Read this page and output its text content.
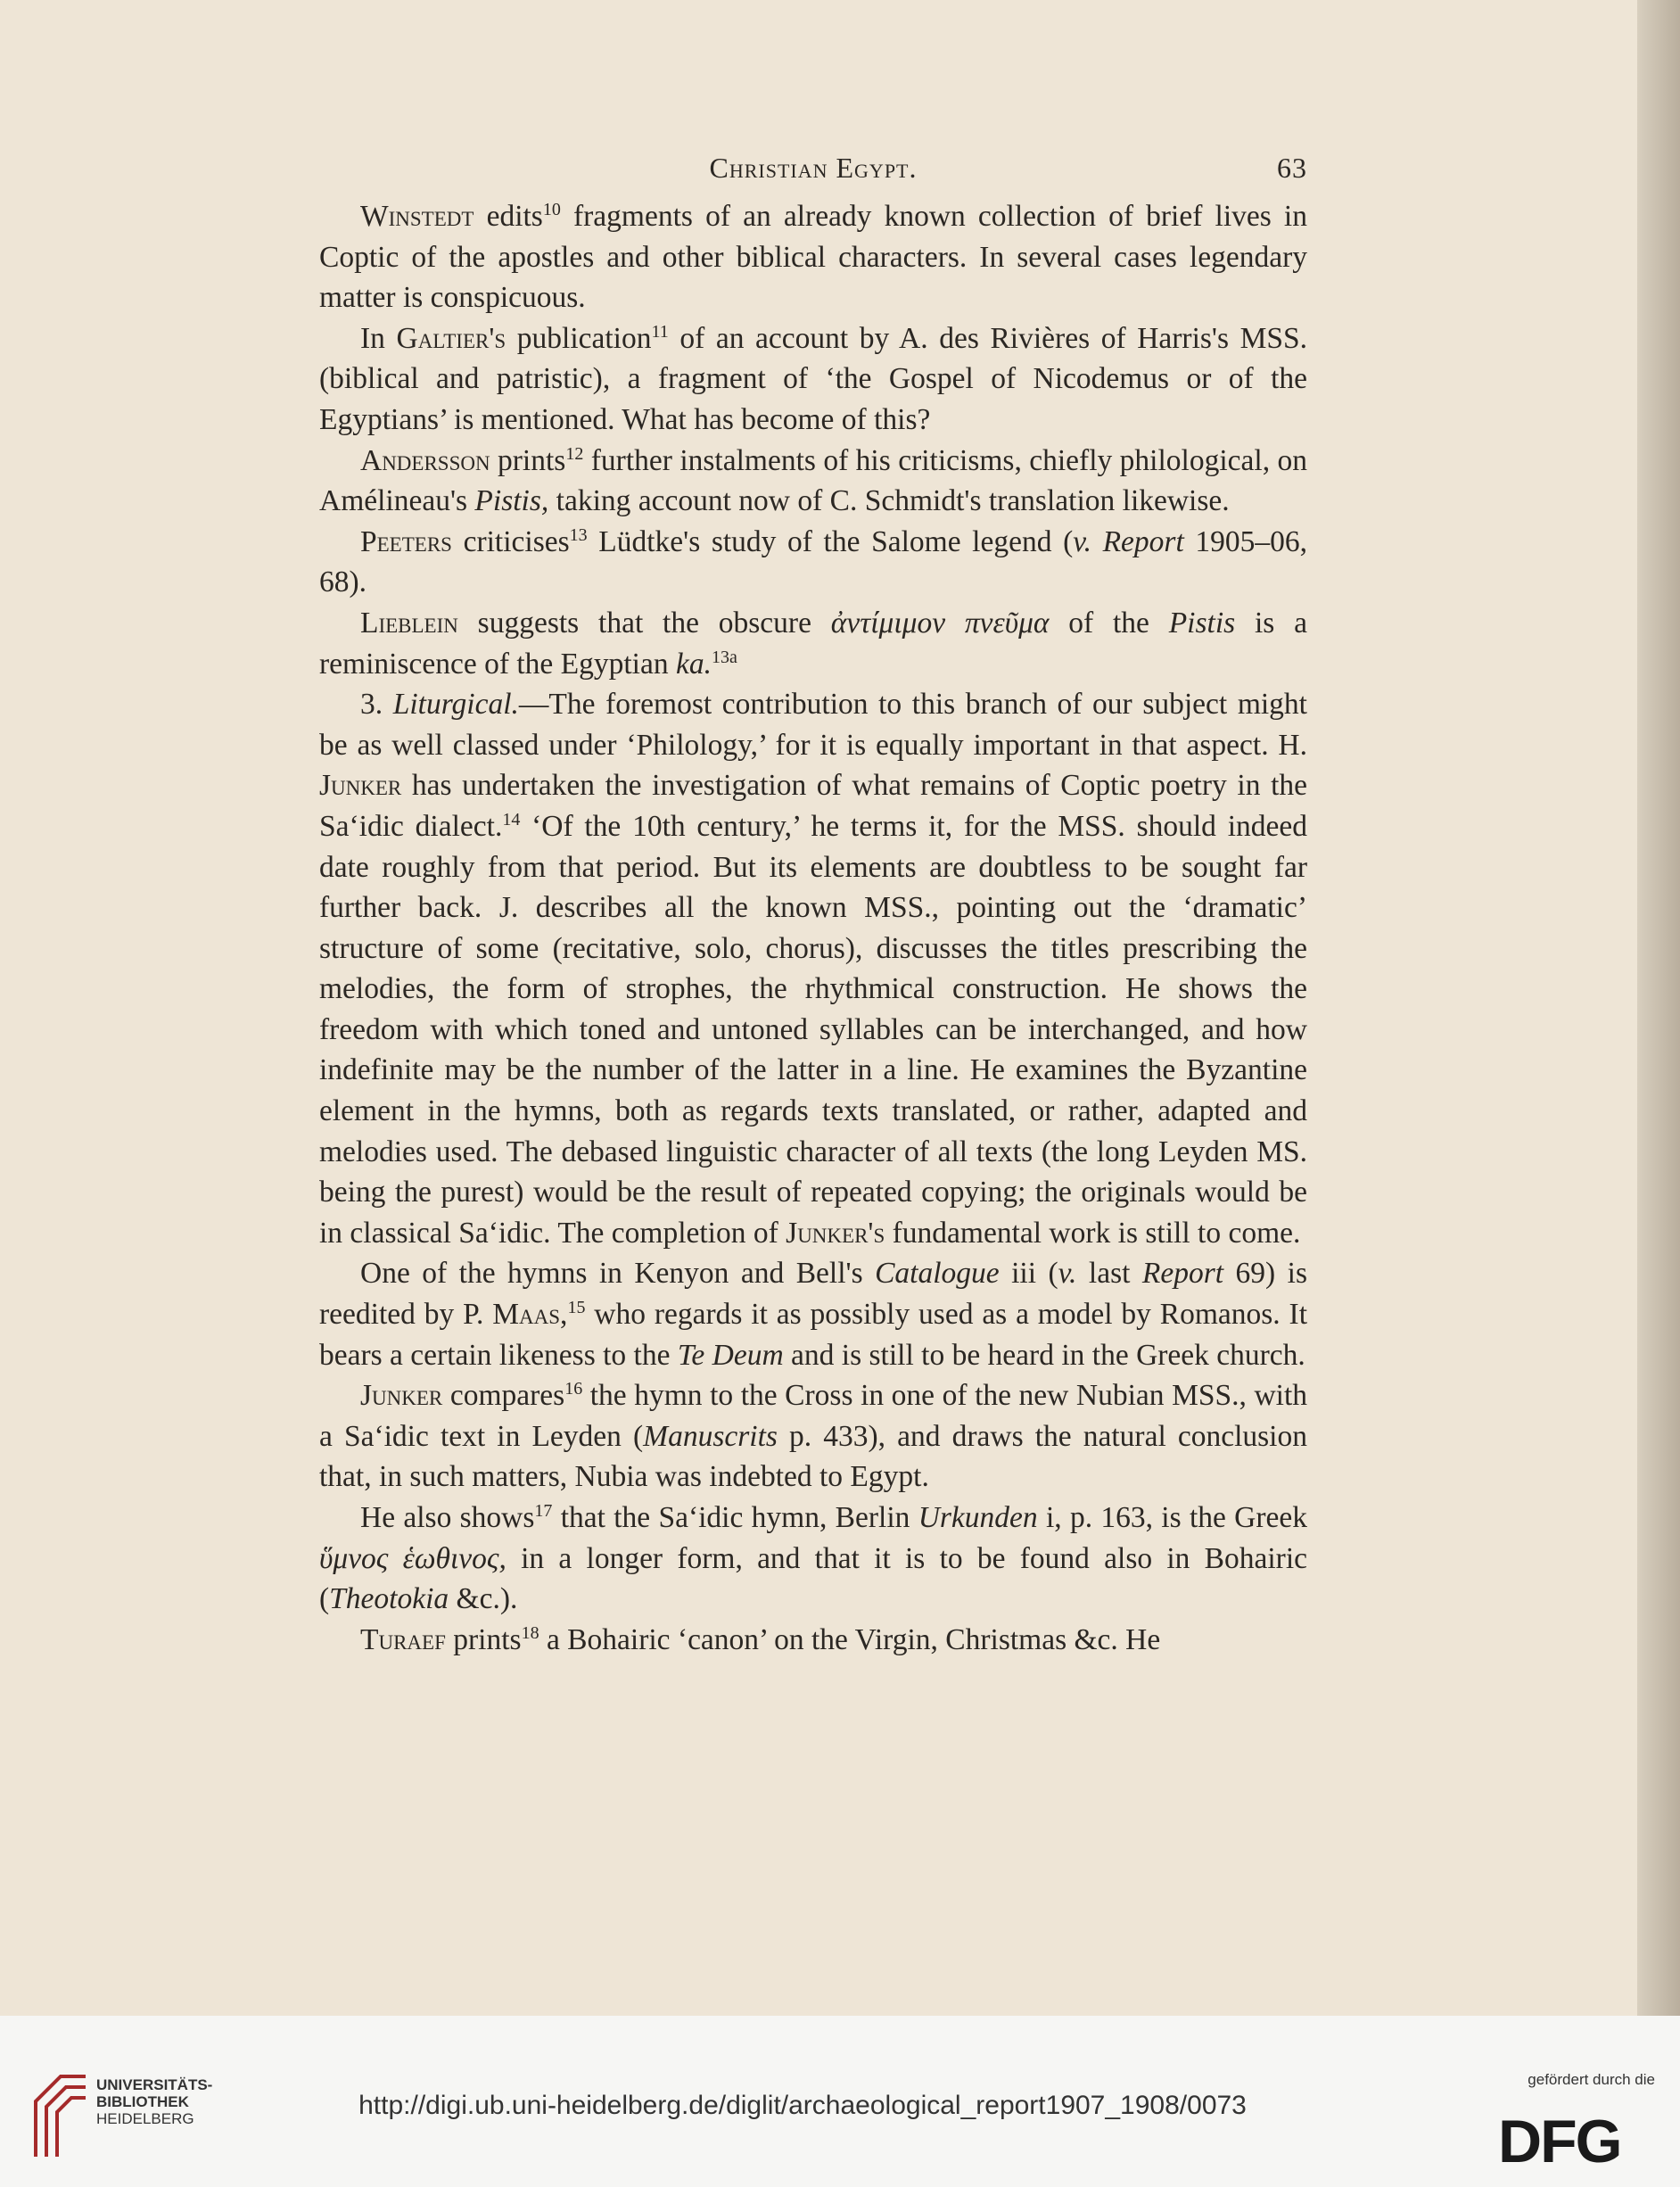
Christian Egypt.	63

Winstedt edits$^{10}$ fragments of an already known collection of brief lives in Coptic of the apostles and other biblical characters. In several cases legendary matter is conspicuous.

In Galtier's publication$^{11}$ of an account by A. des Rivières of Harris's MSS. (biblical and patristic), a fragment of ‘the Gospel of Nicodemus or of the Egyptians’ is mentioned. What has become of this?

Andersson prints$^{12}$ further instalments of his criticisms, chiefly philological, on Amélineau's Pistis, taking account now of C. Schmidt's translation likewise.

Peeters criticises$^{13}$ Lüdtke's study of the Salome legend (v. Report 1905–06, 68).

Lieblein suggests that the obscure ἀντίμιμον πνεῦμα of the Pistis is a reminiscence of the Egyptian ka.$^{13a}$

3. Liturgical.—The foremost contribution to this branch of our subject might be as well classed under ‘Philology,’ for it is equally important in that aspect. H. Junker has undertaken the investigation of what remains of Coptic poetry in the Sa‘idic dialect.$^{14}$ ‘Of the 10th century,’ he terms it, for the MSS. should indeed date roughly from that period. But its elements are doubtless to be sought far further back. J. describes all the known MSS., pointing out the ‘dramatic’ structure of some (recitative, solo, chorus), discusses the titles prescribing the melodies, the form of strophes, the rhythmical construction. He shows the freedom with which toned and untoned syllables can be interchanged, and how indefinite may be the number of the latter in a line. He examines the Byzantine element in the hymns, both as regards texts translated, or rather, adapted and melodies used. The debased linguistic character of all texts (the long Leyden MS. being the purest) would be the result of repeated copying; the originals would be in classical Sa‘idic. The completion of Junker's fundamental work is still to come.

One of the hymns in Kenyon and Bell's Catalogue iii (v. last Report 69) is reedited by P. Maas,$^{15}$ who regards it as possibly used as a model by Romanos. It bears a certain likeness to the Te Deum and is still to be heard in the Greek church.

Junker compares$^{16}$ the hymn to the Cross in one of the new Nubian MSS., with a Sa‘idic text in Leyden (Manuscrits p. 433), and draws the natural conclusion that, in such matters, Nubia was indebted to Egypt.

He also shows$^{17}$ that the Sa‘idic hymn, Berlin Urkunden i, p. 163, is the Greek ὕμνος ἑωθινος, in a longer form, and that it is to be found also in Bohairic (Theotokia &c.).

Turaef prints$^{18}$ a Bohairic ‘canon’ on the Virgin, Christmas &c. He

UNIVERSITÄTS-
BIBLIOTHEK
HEIDELBERG	http://digi.ub.uni-heidelberg.de/diglit/archaeological_report1907_1908/0073
gefördert durch die
DFG
